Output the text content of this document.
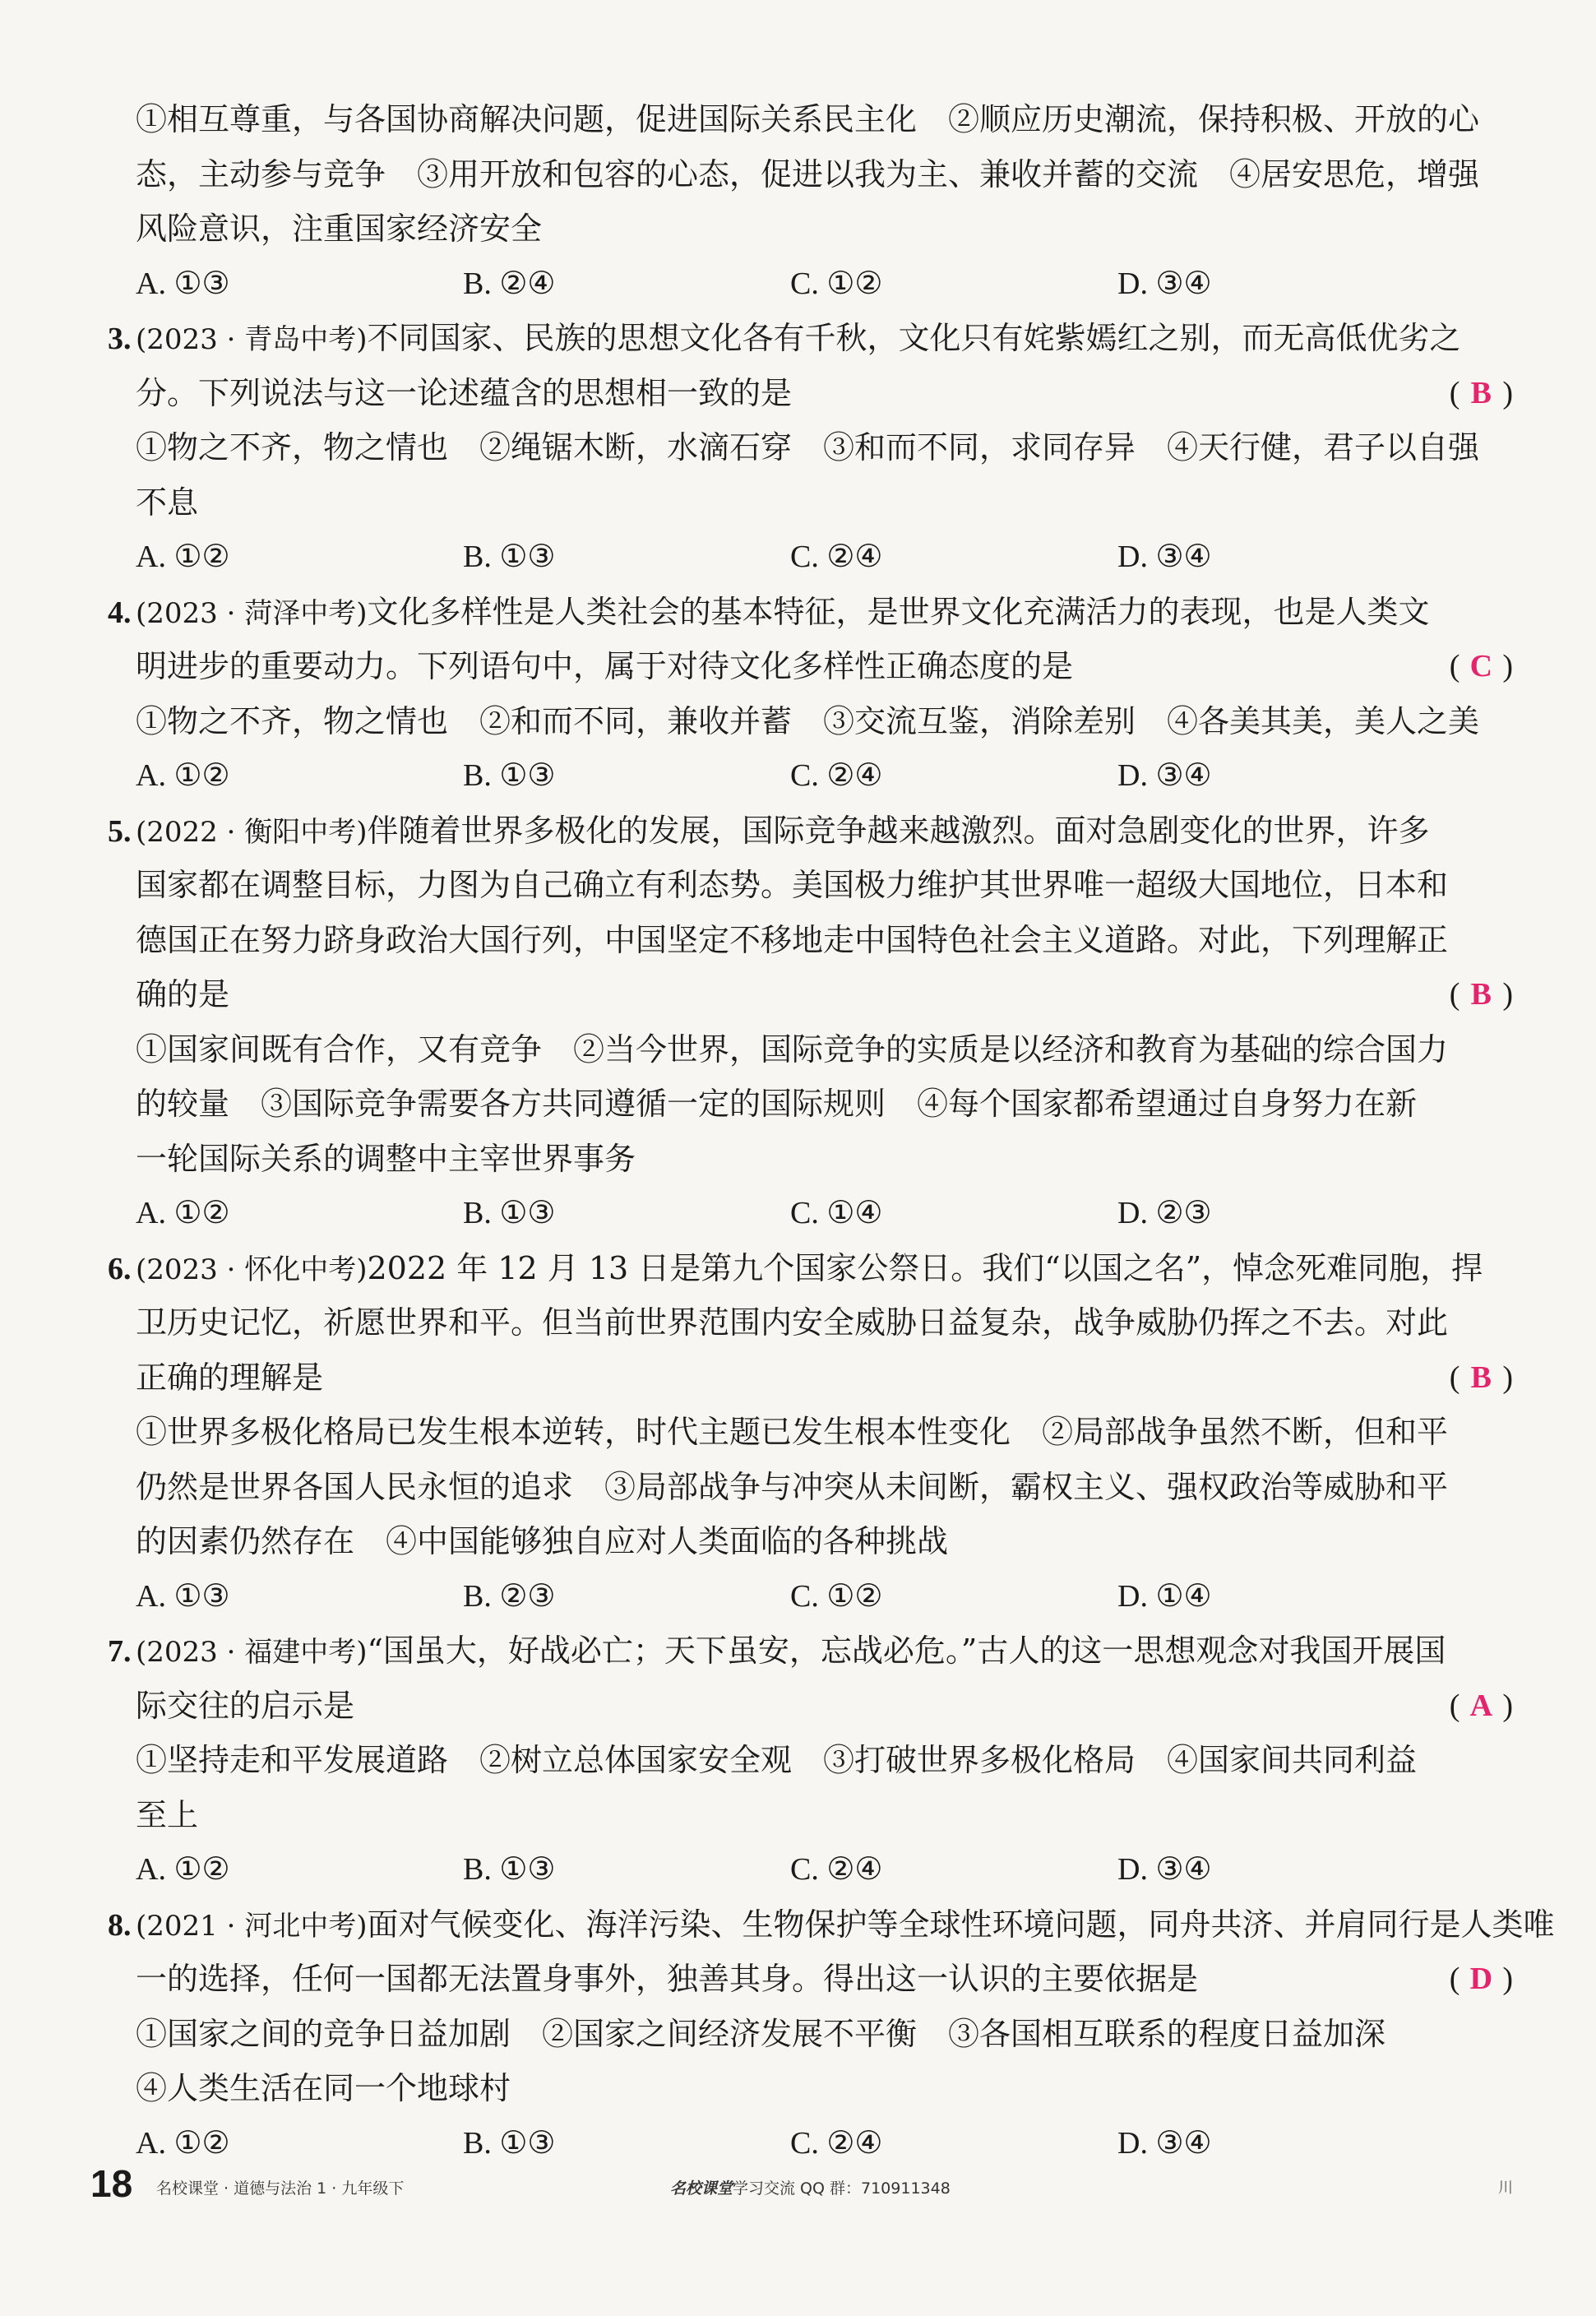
①相互尊重，与各国协商解决问题，促进国际关系民主化　②顺应历史潮流，保持积极、开放的心
态，主动参与竞争　③用开放和包容的心态，促进以我为主、兼收并蓄的交流　④居安思危，增强
风险意识，注重国家经济安全
A. ①③	B. ②④	C. ①②	D. ③④
3. (2023 · 青岛中考)不同国家、民族的思想文化各有千秋，文化只有姹紫嫣红之别，而无高低优劣之
分。下列说法与这一论述蕴含的思想相一致的是	( B )
①物之不齐，物之情也　②绳锯木断，水滴石穿　③和而不同，求同存异　④天行健，君子以自强
不息
A. ①②	B. ①③	C. ②④	D. ③④
4. (2023 · 菏泽中考)文化多样性是人类社会的基本特征，是世界文化充满活力的表现，也是人类文
明进步的重要动力。下列语句中，属于对待文化多样性正确态度的是	( C )
①物之不齐，物之情也　②和而不同，兼收并蓄　③交流互鉴，消除差别　④各美其美，美人之美
A. ①②	B. ①③	C. ②④	D. ③④
5. (2022 · 衡阳中考)伴随着世界多极化的发展，国际竞争越来越激烈。面对急剧变化的世界，许多
国家都在调整目标，力图为自己确立有利态势。美国极力维护其世界唯一超级大国地位，日本和
德国正在努力跻身政治大国行列，中国坚定不移地走中国特色社会主义道路。对此，下列理解正
确的是	( B )
①国家间既有合作，又有竞争　②当今世界，国际竞争的实质是以经济和教育为基础的综合国力
的较量　③国际竞争需要各方共同遵循一定的国际规则　④每个国家都希望通过自身努力在新
一轮国际关系的调整中主宰世界事务
A. ①②	B. ①③	C. ①④	D. ②③
6. (2023 · 怀化中考)2022 年 12 月 13 日是第九个国家公祭日。我们“以国之名”，悼念死难同胞，捍
卫历史记忆，祈愿世界和平。但当前世界范围内安全威胁日益复杂，战争威胁仍挥之不去。对此
正确的理解是	( B )
①世界多极化格局已发生根本逆转，时代主题已发生根本性变化　②局部战争虽然不断，但和平
仍然是世界各国人民永恒的追求　③局部战争与冲突从未间断，霸权主义、强权政治等威胁和平
的因素仍然存在　④中国能够独自应对人类面临的各种挑战
A. ①③	B. ②③	C. ①②	D. ①④
7. (2023 · 福建中考)“国虽大，好战必亡；天下虽安，忘战必危。”古人的这一思想观念对我国开展国
际交往的启示是	( A )
①坚持走和平发展道路　②树立总体国家安全观　③打破世界多极化格局　④国家间共同利益
至上
A. ①②	B. ①③	C. ②④	D. ③④
8. (2021 · 河北中考)面对气候变化、海洋污染、生物保护等全球性环境问题，同舟共济、并肩同行是人类唯
一的选择，任何一国都无法置身事外，独善其身。得出这一认识的主要依据是	( D )
①国家之间的竞争日益加剧　②国家之间经济发展不平衡　③各国相互联系的程度日益加深
④人类生活在同一个地球村
A. ①②	B. ①③	C. ②④	D. ③④
18 名校课堂 · 道德与法治 1 · 九年级下	名校课堂学习交流 QQ 群：710911348	川
